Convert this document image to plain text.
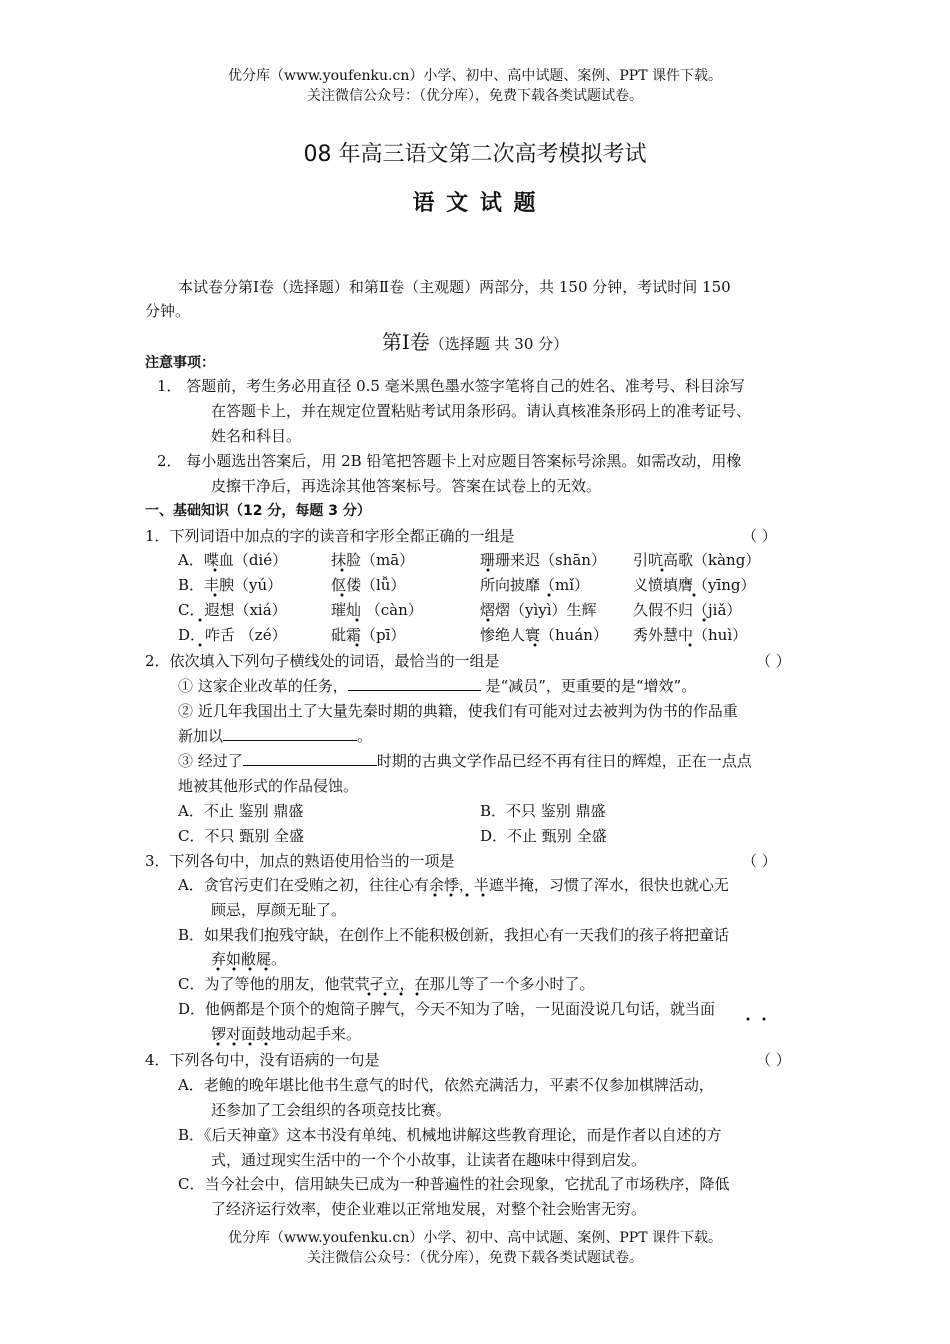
优分库（www.youfenku.cn）小学、初中、高中试题、案例、PPT 课件下载。
关注微信公众号：（优分库），免费下载各类试题试卷。
08 年高三语文第二次高考模拟考试
语 文 试 题
本试卷分第Ⅰ卷（选择题）和第Ⅱ卷（主观题）两部分，共 150 分钟，考试时间 150
分钟。
第Ⅰ卷（选择题 共 30 分）
注意事项：
1． 答题前，考生务必用直径 0.5 毫米黑色墨水签字笔将自己的姓名、准考号、科目涂写
在答题卡上，并在规定位置粘贴考试用条形码。请认真核准条形码上的准考证号、
姓名和科目。
2． 每小题选出答案后，用 2B 铅笔把答题卡上对应题目答案标号涂黑。如需改动，用橡
皮擦干净后，再选涂其他答案标号。答案在试卷上的无效。
一、基础知识（12 分，每题 3 分）
1．下列词语中加点的字的读音和字形全都正确的一组是	（ ）
A．喋血（dié）	抹脸（mā）	珊珊来迟（shān） 引吭高歌（kàng）
B．丰腴（yú）	伛偻（lǚ）	所向披靡（mǐ）	义愤填膺（yīng）
C．遐想（xiá）	璀灿 （càn）	熠熠（yìyì）生辉 久假不归（jiǎ）
D．咋舌 （zé）	砒霜（pī）	惨绝人寰（huán） 秀外慧中（huì）
2．依次填入下列句子横线处的词语，最恰当的一组是	（ ）
① 这家企业改革的任务，	是“减员”，更重要的是“增效”。
② 近几年我国出土了大量先秦时期的典籍，使我们有可能对过去被判为伪书的作品重
新加以	。
③ 经过了	时期的古典文学作品已经不再有往日的辉煌，正在一点点
地被其他形式的作品侵蚀。
A．不止 鉴别 鼎盛	B．不只 鉴别 鼎盛
C．不只 甄别 全盛	D．不止 甄别 全盛
3．下列各句中，加点的熟语使用恰当的一项是	（ ）
A．贪官污吏们在受贿之初，往往心有余悸，半遮半掩，习惯了浑水，很快也就心无
顾忌，厚颜无耻了。
B．如果我们抱残守缺，在创作上不能积极创新，我担心有一天我们的孩子将把童话
弃如敝屣。
C．为了等他的朋友，他茕茕孑立，在那儿等了一个多小时了。
D．他俩都是个顶个的炮筒子脾气，今天不知为了啥，一见面没说几句话，就当面
锣对面鼓地动起手来。
4．下列各句中，没有语病的一句是	（ ）
A．老鲍的晚年堪比他书生意气的时代，依然充满活力，平素不仅参加棋牌活动，
还参加了工会组织的各项竞技比赛。
B．《后天神童》这本书没有单纯、机械地讲解这些教育理论，而是作者以自述的方
式，通过现实生活中的一个个小故事，让读者在趣味中得到启发。
C．当今社会中，信用缺失已成为一种普遍性的社会现象，它扰乱了市场秩序，降低
了经济运行效率，使企业难以正常地发展，对整个社会贻害无穷。
优分库（www.youfenku.cn）小学、初中、高中试题、案例、PPT 课件下载。
关注微信公众号：（优分库），免费下载各类试题试卷。
